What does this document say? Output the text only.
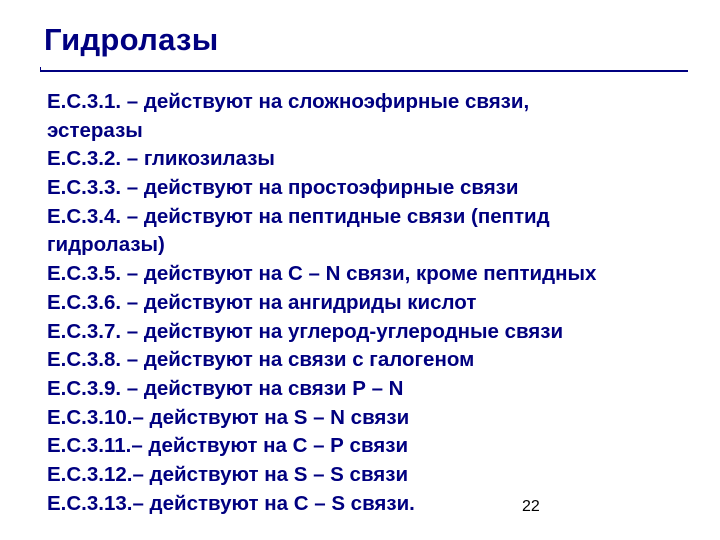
Гидролазы
Е.С.3.1. – действуют на сложноэфирные связи,
эстеразы
Е.С.3.2. – гликозилазы
Е.С.3.3. – действуют на простоэфирные связи
Е.С.3.4. – действуют на пептидные связи (пептид
гидролазы)
Е.С.3.5. – действуют на С – N связи, кроме пептидных
Е.С.3.6. – действуют на ангидриды кислот
Е.С.3.7. – действуют на углерод-углеродные связи
Е.С.3.8. – действуют на связи с галогеном
Е.С.3.9. – действуют на связи Р – N
Е.С.3.10.– действуют на S – N связи
Е.С.3.11.– действуют на С – Р связи
Е.С.3.12.– действуют на S – S связи
Е.С.3.13.– действуют на С – S связи.	22
